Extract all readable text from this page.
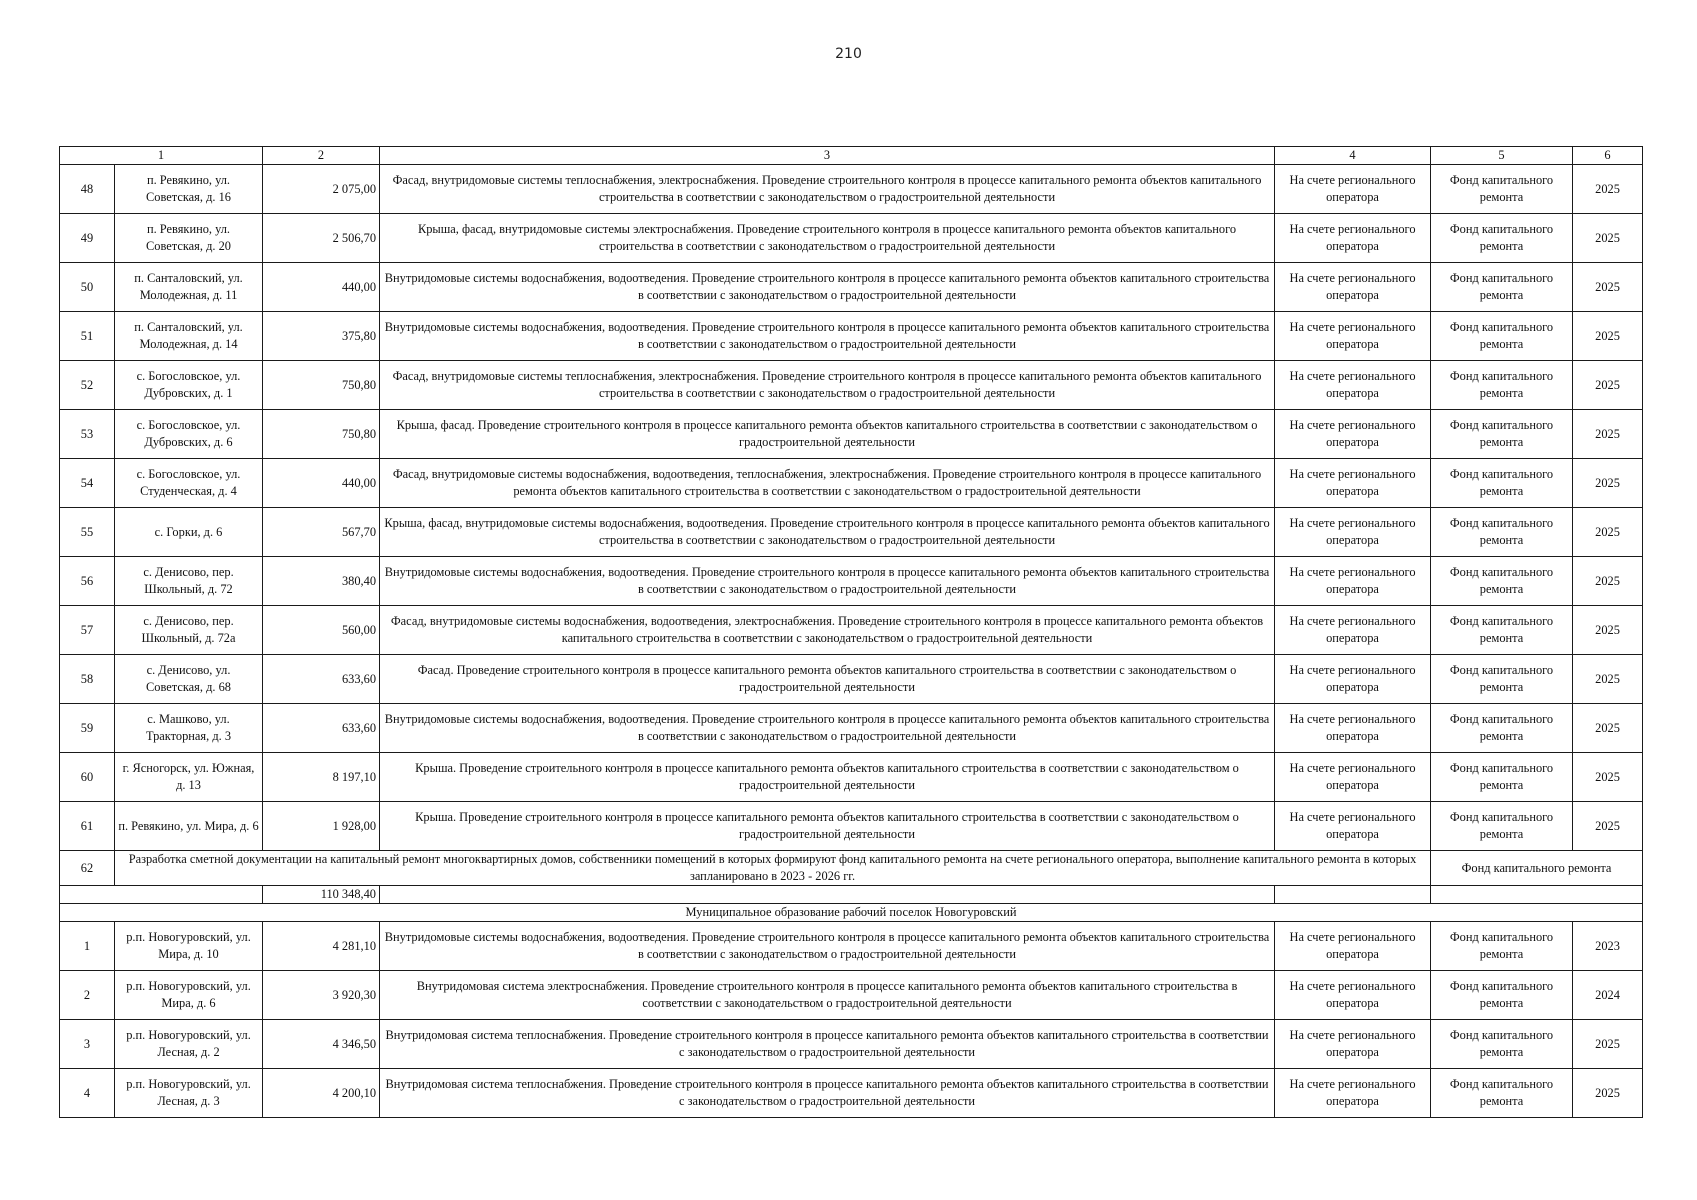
210
1		2	3	4	5	6
48	п. Ревякино, ул. Советская, д. 16	2 075,00	Фасад, внутридомовые системы теплоснабжения, электроснабжения. Проведение строительного контроля в процессе капитального ремонта объектов капитального строительства в соответствии с законодательством о градостроительной деятельности	На счете регионального оператора	Фонд капитального ремонта	2025
49	п. Ревякино, ул. Советская, д. 20	2 506,70	Крыша, фасад, внутридомовые системы электроснабжения. Проведение строительного контроля в процессе капитального ремонта объектов капитального строительства в соответствии с законодательством о градостроительной деятельности	На счете регионального оператора	Фонд капитального ремонта	2025
50	п. Санталовский, ул. Молодежная, д. 11	440,00	Внутридомовые системы водоснабжения, водоотведения. Проведение строительного контроля в процессе капитального ремонта объектов капитального строительства в соответствии с законодательством о градостроительной деятельности	На счете регионального оператора	Фонд капитального ремонта	2025
51	п. Санталовский, ул. Молодежная, д. 14	375,80	Внутридомовые системы водоснабжения, водоотведения. Проведение строительного контроля в процессе капитального ремонта объектов капитального строительства в соответствии с законодательством о градостроительной деятельности	На счете регионального оператора	Фонд капитального ремонта	2025
52	с. Богословское, ул. Дубровских, д. 1	750,80	Фасад, внутридомовые системы теплоснабжения, электроснабжения. Проведение строительного контроля в процессе капитального ремонта объектов капитального строительства в соответствии с законодательством о градостроительной деятельности	На счете регионального оператора	Фонд капитального ремонта	2025
53	с. Богословское, ул. Дубровских, д. 6	750,80	Крыша, фасад. Проведение строительного контроля в процессе капитального ремонта объектов капитального строительства в соответствии с законодательством о градостроительной деятельности	На счете регионального оператора	Фонд капитального ремонта	2025
54	с. Богословское, ул. Студенческая, д. 4	440,00	Фасад, внутридомовые системы водоснабжения, водоотведения, теплоснабжения, электроснабжения. Проведение строительного контроля в процессе капитального ремонта объектов капитального строительства в соответствии с законодательством о градостроительной деятельности	На счете регионального оператора	Фонд капитального ремонта	2025
55	с. Горки, д. 6	567,70	Крыша, фасад, внутридомовые системы водоснабжения, водоотведения. Проведение строительного контроля в процессе капитального ремонта объектов капитального строительства в соответствии с законодательством о градостроительной деятельности	На счете регионального оператора	Фонд капитального ремонта	2025
56	с. Денисово, пер. Школьный, д. 72	380,40	Внутридомовые системы водоснабжения, водоотведения. Проведение строительного контроля в процессе капитального ремонта объектов капитального строительства в соответствии с законодательством о градостроительной деятельности	На счете регионального оператора	Фонд капитального ремонта	2025
57	с. Денисово, пер. Школьный, д. 72а	560,00	Фасад, внутридомовые системы водоснабжения, водоотведения, электроснабжения. Проведение строительного контроля в процессе капитального ремонта объектов капитального строительства в соответствии с законодательством о градостроительной деятельности	На счете регионального оператора	Фонд капитального ремонта	2025
58	с. Денисово, ул. Советская, д. 68	633,60	Фасад. Проведение строительного контроля в процессе капитального ремонта объектов капитального строительства в соответствии с законодательством о градостроительной деятельности	На счете регионального оператора	Фонд капитального ремонта	2025
59	с. Машково, ул. Тракторная, д. 3	633,60	Внутридомовые системы водоснабжения, водоотведения. Проведение строительного контроля в процессе капитального ремонта объектов капитального строительства в соответствии с законодательством о градостроительной деятельности	На счете регионального оператора	Фонд капитального ремонта	2025
60	г. Ясногорск, ул. Южная, д. 13	8 197,10	Крыша. Проведение строительного контроля в процессе капитального ремонта объектов капитального строительства в соответствии с законодательством о градостроительной деятельности	На счете регионального оператора	Фонд капитального ремонта	2025
61	п. Ревякино, ул. Мира, д. 6	1 928,00	Крыша. Проведение строительного контроля в процессе капитального ремонта объектов капитального строительства в соответствии с законодательством о градостроительной деятельности	На счете регионального оператора	Фонд капитального ремонта	2025
62	Разработка сметной документации на капитальный ремонт многоквартирных домов, собственники помещений в которых формируют фонд капитального ремонта на счете регионального оператора, выполнение капитального ремонта в которых запланировано в 2023 - 2026 гг.				Фонд капитального ремонта	
		110 348,40				
Муниципальное образование рабочий поселок Новогуровский						
1	р.п. Новогуровский, ул. Мира, д. 10	4 281,10	Внутридомовые системы водоснабжения, водоотведения. Проведение строительного контроля в процессе капитального ремонта объектов капитального строительства в соответствии с законодательством о градостроительной деятельности	На счете регионального оператора	Фонд капитального ремонта	2023
2	р.п. Новогуровский, ул. Мира, д. 6	3 920,30	Внутридомовая система электроснабжения. Проведение строительного контроля в процессе капитального ремонта объектов капитального строительства в соответствии с законодательством о градостроительной деятельности	На счете регионального оператора	Фонд капитального ремонта	2024
3	р.п. Новогуровский, ул. Лесная, д. 2	4 346,50	Внутридомовая система теплоснабжения. Проведение строительного контроля в процессе капитального ремонта объектов капитального строительства в соответствии с законодательством о градостроительной деятельности	На счете регионального оператора	Фонд капитального ремонта	2025
4	р.п. Новогуровский, ул. Лесная, д. 3	4 200,10	Внутридомовая система теплоснабжения. Проведение строительного контроля в процессе капитального ремонта объектов капитального строительства в соответствии с законодательством о градостроительной деятельности	На счете регионального оператора	Фонд капитального ремонта	2025
